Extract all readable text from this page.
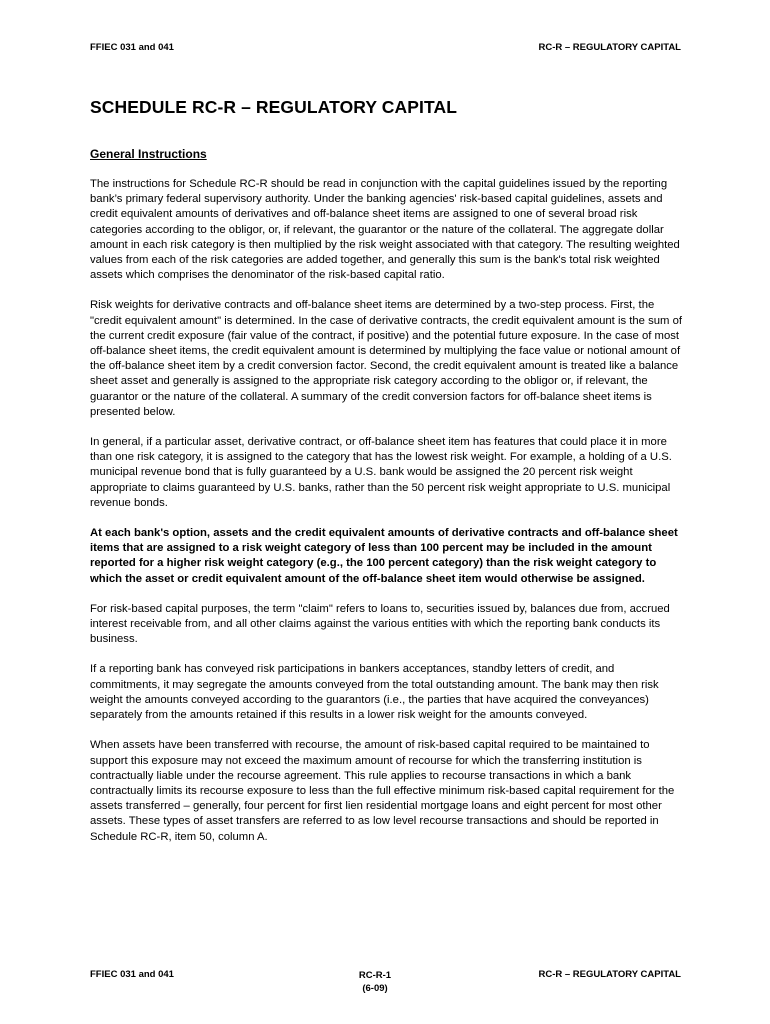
FFIEC 031 and 041	RC-R – REGULATORY CAPITAL
SCHEDULE RC-R – REGULATORY CAPITAL
General Instructions

The instructions for Schedule RC-R should be read in conjunction with the capital guidelines issued by the reporting bank’s primary federal supervisory authority. Under the banking agencies' risk-based capital guidelines, assets and credit equivalent amounts of derivatives and off-balance sheet items are assigned to one of several broad risk categories according to the obligor, or, if relevant, the guarantor or the nature of the collateral. The aggregate dollar amount in each risk category is then multiplied by the risk weight associated with that category. The resulting weighted values from each of the risk categories are added together, and generally this sum is the bank's total risk weighted assets which comprises the denominator of the risk-based capital ratio.

Risk weights for derivative contracts and off-balance sheet items are determined by a two-step process. First, the "credit equivalent amount" is determined. In the case of derivative contracts, the credit equivalent amount is the sum of the current credit exposure (fair value of the contract, if positive) and the potential future exposure. In the case of most off-balance sheet items, the credit equivalent amount is determined by multiplying the face value or notional amount of the off-balance sheet item by a credit conversion factor. Second, the credit equivalent amount is treated like a balance sheet asset and generally is assigned to the appropriate risk category according to the obligor or, if relevant, the guarantor or the nature of the collateral. A summary of the credit conversion factors for off-balance sheet items is presented below.

In general, if a particular asset, derivative contract, or off-balance sheet item has features that could place it in more than one risk category, it is assigned to the category that has the lowest risk weight. For example, a holding of a U.S. municipal revenue bond that is fully guaranteed by a U.S. bank would be assigned the 20 percent risk weight appropriate to claims guaranteed by U.S. banks, rather than the 50 percent risk weight appropriate to U.S. municipal revenue bonds.

At each bank's option, assets and the credit equivalent amounts of derivative contracts and off-balance sheet items that are assigned to a risk weight category of less than 100 percent may be included in the amount reported for a higher risk weight category (e.g., the 100 percent category) than the risk weight category to which the asset or credit equivalent amount of the off-balance sheet item would otherwise be assigned.

For risk-based capital purposes, the term "claim" refers to loans to, securities issued by, balances due from, accrued interest receivable from, and all other claims against the various entities with which the reporting bank conducts its business.

If a reporting bank has conveyed risk participations in bankers acceptances, standby letters of credit, and commitments, it may segregate the amounts conveyed from the total outstanding amount. The bank may then risk weight the amounts conveyed according to the guarantors (i.e., the parties that have acquired the conveyances) separately from the amounts retained if this results in a lower risk weight for the amounts conveyed.

When assets have been transferred with recourse, the amount of risk-based capital required to be maintained to support this exposure may not exceed the maximum amount of recourse for which the transferring institution is contractually liable under the recourse agreement. This rule applies to recourse transactions in which a bank contractually limits its recourse exposure to less than the full effective minimum risk-based capital requirement for the assets transferred – generally, four percent for first lien residential mortgage loans and eight percent for most other assets. These types of asset transfers are referred to as low level recourse transactions and should be reported in Schedule RC-R, item 50, column A.

FFIEC 031 and 041	RC-R-1
(6-09)
RC-R – REGULATORY CAPITAL
